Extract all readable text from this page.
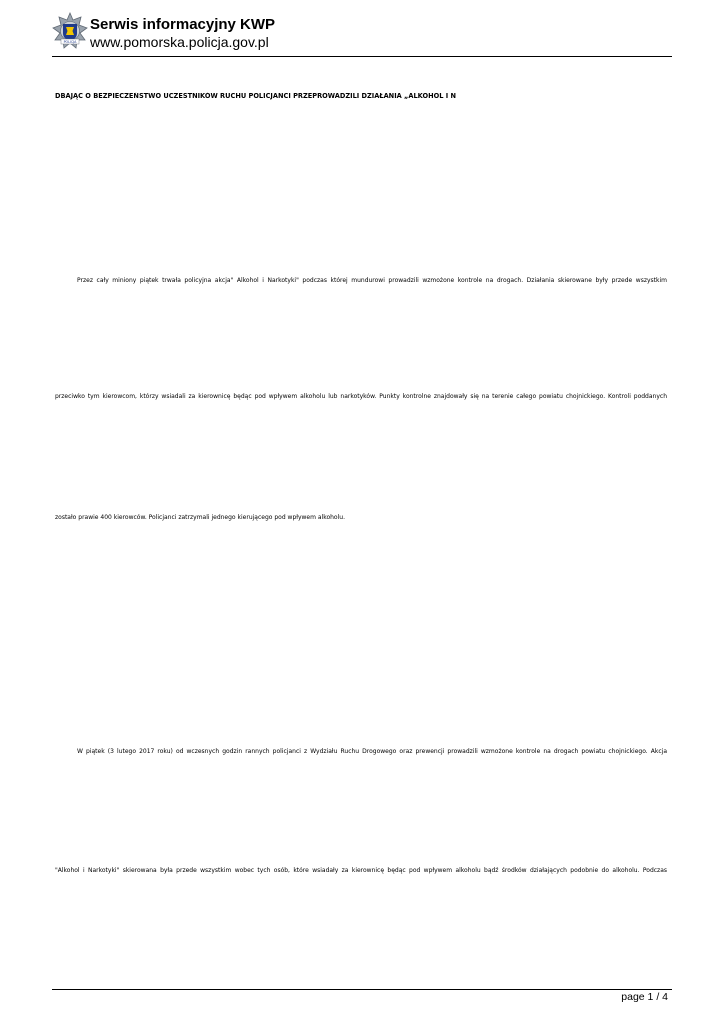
POLICJA
Serwis informacyjny KWP
www.pomorska.policja.gov.pl
DBAJĄC O BEZPIECZEŃSTWO UCZESTNIKÓW RUCHU POLICJANCI PRZEPROWADZILI DZIAŁANIA „ALKOHOL I N
Przez cały miniony piątek trwała policyjna akcja" Alkohol i Narkotyki" podczas której mundurowi prowadzili wzmożone kontrole na drogach. Działania skierowane były przede wszystkim
przeciwko tym kierowcom, którzy wsiadali za kierownicę będąc pod wpływem alkoholu lub narkotyków. Punkty kontrolne znajdowały się na terenie całego powiatu chojnickiego. Kontroli poddanych
zostało prawie 400 kierowców. Policjanci zatrzymali jednego kierującego pod wpływem alkoholu.
W piątek (3 lutego 2017 roku) od wczesnych godzin rannych policjanci z Wydziału Ruchu Drogowego oraz prewencji prowadzili wzmożone kontrole na drogach powiatu chojnickiego. Akcja
"Alkohol i Narkotyki" skierowana była przede wszystkim wobec tych osób, które wsiadały za kierownicę będąc pod wpływem alkoholu bądź środków działających podobnie do alkoholu. Podczas
page 1 / 4
